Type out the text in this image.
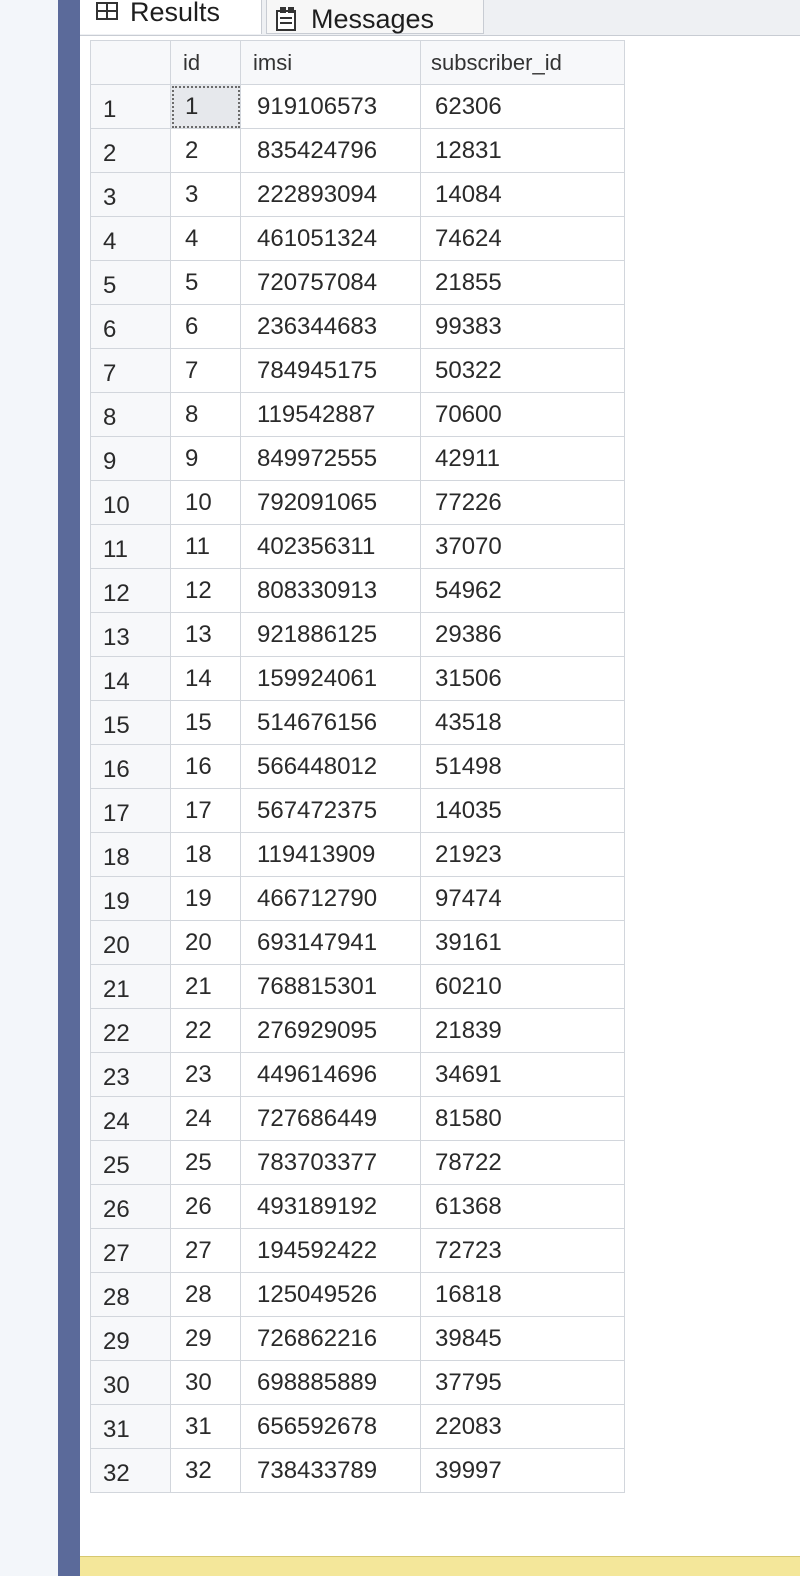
Results	Messages
	id	imsi	subscriber_id
1	1	919106573	62306
2	2	835424796	12831
3	3	222893094	14084
4	4	461051324	74624
5	5	720757084	21855
6	6	236344683	99383
7	7	784945175	50322
8	8	119542887	70600
9	9	849972555	42911
10	10	792091065	77226
11	11	402356311	37070
12	12	808330913	54962
13	13	921886125	29386
14	14	159924061	31506
15	15	514676156	43518
16	16	566448012	51498
17	17	567472375	14035
18	18	119413909	21923
19	19	466712790	97474
20	20	693147941	39161
21	21	768815301	60210
22	22	276929095	21839
23	23	449614696	34691
24	24	727686449	81580
25	25	783703377	78722
26	26	493189192	61368
27	27	194592422	72723
28	28	125049526	16818
29	29	726862216	39845
30	30	698885889	37795
31	31	656592678	22083
32	32	738433789	39997
